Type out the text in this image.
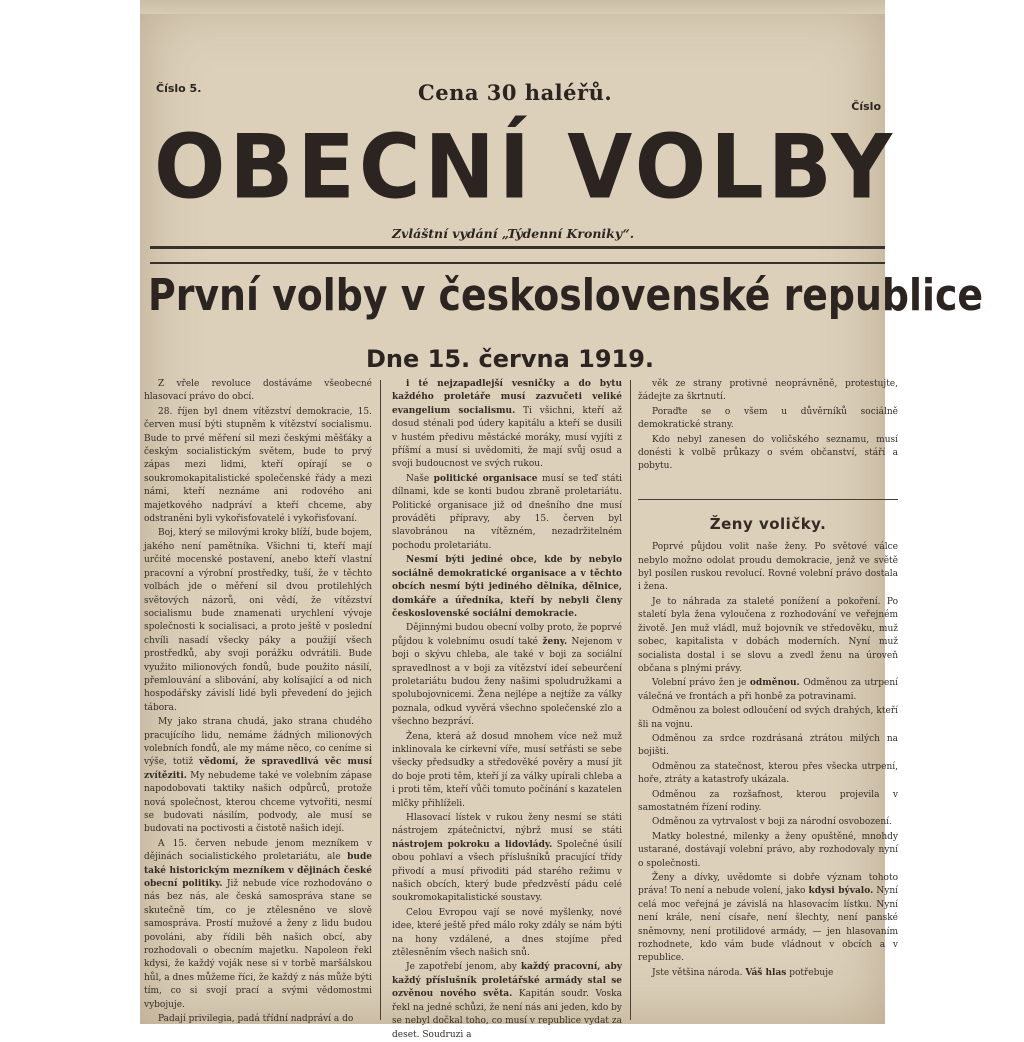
Číslo 5.	Cena 30 haléřů.
Číslo
OBECNÍ VOLBY
Zvláštní vydání „Týdenní Kroniky“.
První volby v československé republice
Dne 15. června 1919.

Z vřele revoluce dostáváme všeobecné hlasovací právo do obcí.

28. říjen byl dnem vítězství demokracie, 15. červen musí býti stupněm k vítězství socialismu. Bude to prvé měření sil mezi českými měšťáky a českým socialistickým světem, bude to prvý zápas mezi lidmi, kteří opírají se o soukromokapitalistické společenské řády a mezi námi, kteří neznáme ani rodového ani majetkového nadpráví a kteří chceme, aby odstraněni byli vykořisťovatelé i vykořisťovaní.

Boj, který se milovými kroky blíží, bude bojem, jakého není pamětníka. Všichni ti, kteří mají určité mocenské postavení, anebo kteří vlastní pracovní a výrobní prostředky, tuší, že v těchto volbách jde o měření sil dvou protilehlých světových názorů, oni vědí, že vítězství socialismu bude znamenati urychlení vývoje společnosti k socialisaci, a proto ještě v poslední chvíli nasadí všecky páky a použijí všech prostředků, aby svoji porážku odvrátili. Bude využito milionových fondů, bude použito násilí, přemlouvání a slibování, aby kolísající a od nich hospodářsky závislí lidé byli převedení do jejich tábora.

My jako strana chudá, jako strana chudého pracujícího lidu, nemáme žádných milionových volebních fondů, ale my máme něco, co ceníme si výše, totiž vědomí, že spravedlivá věc musí zvítěziti. My nebudeme také ve volebním zápase napodobovati taktiky našich odpůrců, protože nová společnost, kterou chceme vytvořiti, nesmí se budovati násilím, podvody, ale musí se budovati na poctivosti a čistotě našich idejí.

A 15. červen nebude jenom mezníkem v dějinách socialistického proletariátu, ale bude také historickým mezníkem v dějinách české obecní politiky. Již nebude více rozhodováno o nás bez nás, ale česká samospráva stane se skutečně tím, co je ztělesněno ve slově samospráva. Prostí mužové a ženy z lidu budou povoláni, aby řídili běh našich obcí, aby rozhodovali o obecním majetku. Napoleon řekl kdysi, že každý voják nese si v torbě maršálskou hůl, a dnes můžeme říci, že každý z nás může býti tím, co si svojí prací a svými vědomostmi vybojuje.

Padají privilegia, padá třídní nadpráví a do

i té nejzapadlejší vesničky a do bytu každého proletáře musí zazvučeti veliké evangelium socialismu. Ti všichni, kteří až dosud sténali pod údery kapitálu a kteří se dusili v hustém předivu městácké moráky, musí vyjíti z příšmí a musí si uvědomiti, že mají svůj osud a svoji budoucnost ve svých rukou.

Naše politické organisace musí se teď státi dílnami, kde se konti budou zbraně proletariátu. Politické organisace již od dnešního dne musí prováděti přípravy, aby 15. červen byl slavobránou na vítězném, nezadržitelném pochodu proletariátu.

Nesmí býti jediné obce, kde by nebylo sociálně demokratické organisace a v těchto obcích nesmí býti jediného dělníka, dělnice, domkáře a úředníka, kteří by nebyli členy československé sociální demokracie.

Dějinnými budou obecní volby proto, že poprvé půjdou k volebnímu osudí také ženy. Nejenom v boji o skývu chleba, ale také v boji za sociální spravedlnost a v boji za vítězství ideí sebeurčení proletariátu budou ženy našimi spoludružkami a spolubojovnicemi. Žena nejlépe a nejtíže za války poznala, odkud vyvěrá všechno společenské zlo a všechno bezpráví.

Žena, která až dosud mnohem více než muž inklinovala ke církevní víře, musí setřásti se sebe všecky předsudky a středověké pověry a musí jít do boje proti těm, kteří jí za války upírali chleba a i proti těm, kteří vůči tomuto počínání s kazatelen mlčky přihlíželi.

Hlasovací lístek v rukou ženy nesmí se státi nástrojem zpátečnictví, nýbrž musí se státi nástrojem pokroku a lidovlády. Společné úsilí obou pohlaví a všech příslušníků pracující třídy přivodí a musí přivoditi pád starého režimu v našich obcích, který bude předzvěstí pádu celé soukromokapitalistické soustavy.

Celou Evropou vají se nové myšlenky, nové idee, které ještě před málo roky zdály se nám býti na hony vzdálené, a dnes stojíme před ztělesněním všech našich snů.

Je zapotřebí jenom, aby každý pracovní, aby každý příslušník proletářské armády stal se ozvěnou nového světa. Kapitán soudr. Voska řekl na jedné schůzi, že není nás ani jeden, kdo by se nebyl dočkal toho, co musí v republice vydat za deset. Soudruzi a

věk ze strany protivné neoprávněně, protestujte, žádejte za škrtnutí.

Poraďte se o všem u důvěrníků sociálně demokratické strany.

Kdo nebyl zanesen do voličského seznamu, musí donésti k volbě průkazy o svém občanství, stáří a pobytu.

Ženy voličky.

Poprvé půjdou volit naše ženy. Po světové válce nebylo možno odolat proudu demokracie, jenž ve světě byl posílen ruskou revolucí. Rovné volební právo dostala i žena.

Je to náhrada za staleté ponížení a pokoření. Po staletí byla žena vyloučena z rozhodování ve veřejném životě. Jen muž vládl, muž bojovník ve středověku, muž sobec, kapitalista v dobách moderních. Nyní muž socialista dostal i se slovu a zvedl ženu na úroveň občana s plnými právy.

Volební právo žen je odměnou. Odměnou za utrpení válečná ve frontách a při honbě za potravinami.

Odměnou za bolest odloučení od svých drahých, kteří šli na vojnu.

Odměnou za srdce rozdrásaná ztrátou milých na bojišti.

Odměnou za statečnost, kterou přes všecka utrpení, hoře, ztráty a katastrofy ukázala.

Odměnou za rozšafnost, kterou projevila v samostatném řízení rodiny.

Odměnou za vytrvalost v boji za národní osvobození.

Matky bolestné, milenky a ženy opuštěné, mnohdy ustarané, dostávají volební právo, aby rozhodovaly nyní o společnosti.

Ženy a dívky, uvědomte si dobře význam tohoto práva! To není a nebude volení, jako kdysi bývalo. Nyní celá moc veřejná je závislá na hlasovacím lístku. Nyní není krále, není císaře, není šlechty, není panské sněmovny, není protilidové armády, — jen hlasovaním rozhodnete, kdo vám bude vládnout v obcích a v republice.

Jste většina národa. Váš hlas potřebuje
